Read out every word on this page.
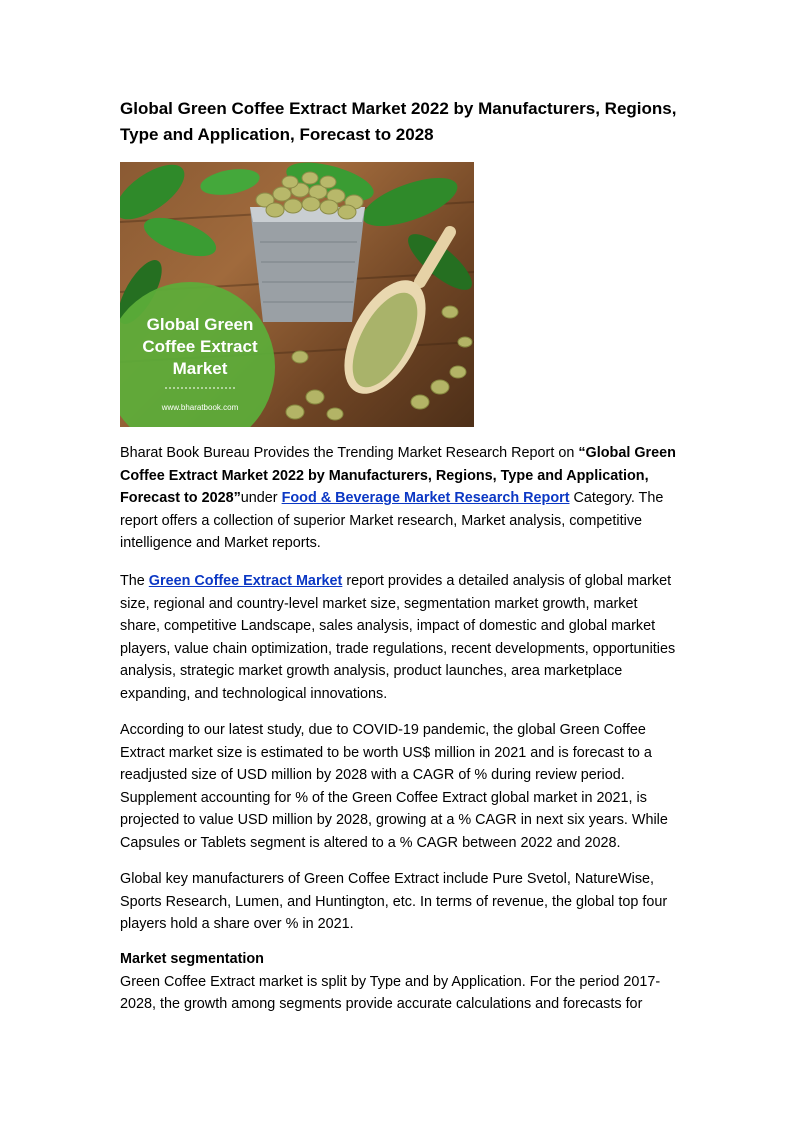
Global Green Coffee Extract Market 2022 by Manufacturers, Regions, Type and Application, Forecast to 2028
Global Green
Coffee Extract
Market
www.bharatbook.com

Bharat Book Bureau Provides the Trending Market Research Report on “Global Green Coffee Extract Market 2022 by Manufacturers, Regions, Type and Application, Forecast to 2028”under Food & Beverage Market Research Report Category. The report offers a collection of superior Market research, Market analysis, competitive intelligence and Market reports.

The Green Coffee Extract Market report provides a detailed analysis of global market size, regional and country-level market size, segmentation market growth, market share, competitive Landscape, sales analysis, impact of domestic and global market players, value chain optimization, trade regulations, recent developments, opportunities analysis, strategic market growth analysis, product launches, area marketplace expanding, and technological innovations.

According to our latest study, due to COVID-19 pandemic, the global Green Coffee Extract market size is estimated to be worth US$ million in 2021 and is forecast to a readjusted size of USD million by 2028 with a CAGR of % during review period. Supplement accounting for % of the Green Coffee Extract global market in 2021, is projected to value USD million by 2028, growing at a % CAGR in next six years. While Capsules or Tablets segment is altered to a % CAGR between 2022 and 2028.

Global key manufacturers of Green Coffee Extract include Pure Svetol, NatureWise, Sports Research, Lumen, and Huntington, etc. In terms of revenue, the global top four players hold a share over % in 2021.

Market segmentation
Green Coffee Extract market is split by Type and by Application. For the period 2017-2028, the growth among segments provide accurate calculations and forecasts for
